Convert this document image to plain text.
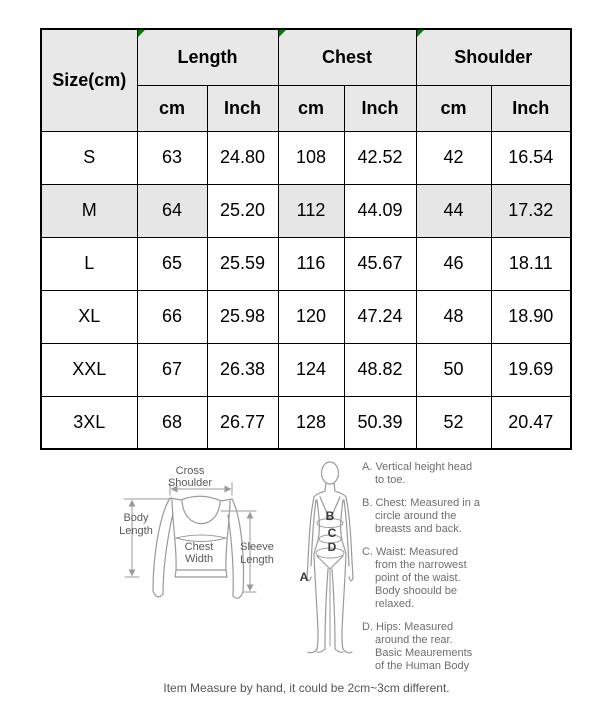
Size(cm)	Length		Chest		Shoulder	
	cm	Inch	cm	Inch	cm	Inch
S	63	24.80	108	42.52	42	16.54
M	64	25.20	112	44.09	44	17.32
L	65	25.59	116	45.67	46	18.11
XL	66	25.98	120	47.24	48	18.90
XXL	67	26.38	124	48.82	50	19.69
3XL	68	26.77	128	50.39	52	20.47
Cross
Shoulder
Body
Length
Chest
Width
Sleeve
Length
A
B
C
D
A. Vertical height head
to toe.
B. Chest: Measured in a
circle around the
breasts and back.
C. Waist: Measured
from the narrowest
point of the waist.
Body shoould be
relaxed.
D. Hips: Measured
around the rear.
Basic Meaurements
of the Human Body
Item Measure by hand, it could be 2cm~3cm different.
